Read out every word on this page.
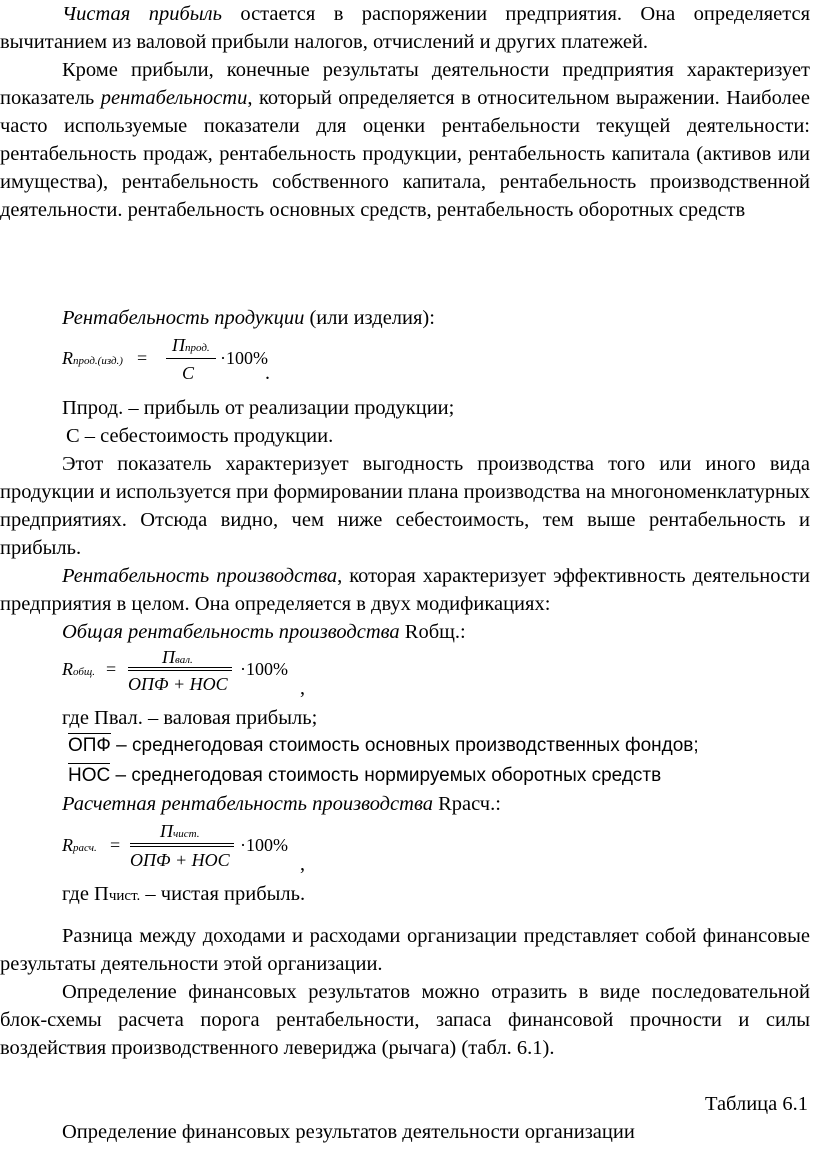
Чистая прибыль остается в распоряжении предприятия. Она определяется вычитанием из валовой прибыли налогов, отчислений и других платежей.

Кроме прибыли, конечные результаты деятельности предприятия характеризует показатель рентабельности, который определяется в относительном выражении. Наиболее часто используемые показатели для оценки рентабельности текущей деятельности: рентабельность продаж, рентабельность продукции, рентабельность капитала (активов или имущества), рентабельность собственного капитала, рентабельность производственной деятельности. рентабельность основных средств, рентабельность оборотных средств

Рентабельность продукции (или изделия):
Rпрод.(изд.) =
Ппрод.
С
·100%
.
Ппрод. – прибыль от реализации продукции;
С – себестоимость продукции.

Этот показатель характеризует выгодность производства того или иного вида продукции и используется при формировании плана производства на многономенклатурных предприятиях. Отсюда видно, чем ниже себестоимость, тем выше рентабельность и прибыль.

Рентабельность производства, которая характеризует эффективность деятельности предприятия в целом. Она определяется в двух модификациях:

Общая рентабельность производства Rобщ.:
Rобщ. =
Пвал.
ОПФ + НОС
·100%
,
где Пвал. – валовая прибыль;
ОПФ – среднегодовая стоимость основных производственных фондов;
НОС – среднегодовая стоимость нормируемых оборотных средств
Расчетная рентабельность производства Rрасч.:
Rрасч. =
Пчист.
ОПФ + НОС
·100%
,
где Пчист. – чистая прибыль.

Разница между доходами и расходами организации представляет собой финансовые результаты деятельности этой организации.

Определение финансовых результатов можно отразить в виде последовательной блок-схемы расчета порога рентабельности, запаса финансовой прочности и силы воздействия производственного левериджа (рычага) (табл. 6.1).

Таблица 6.1
Определение финансовых результатов деятельности организации
